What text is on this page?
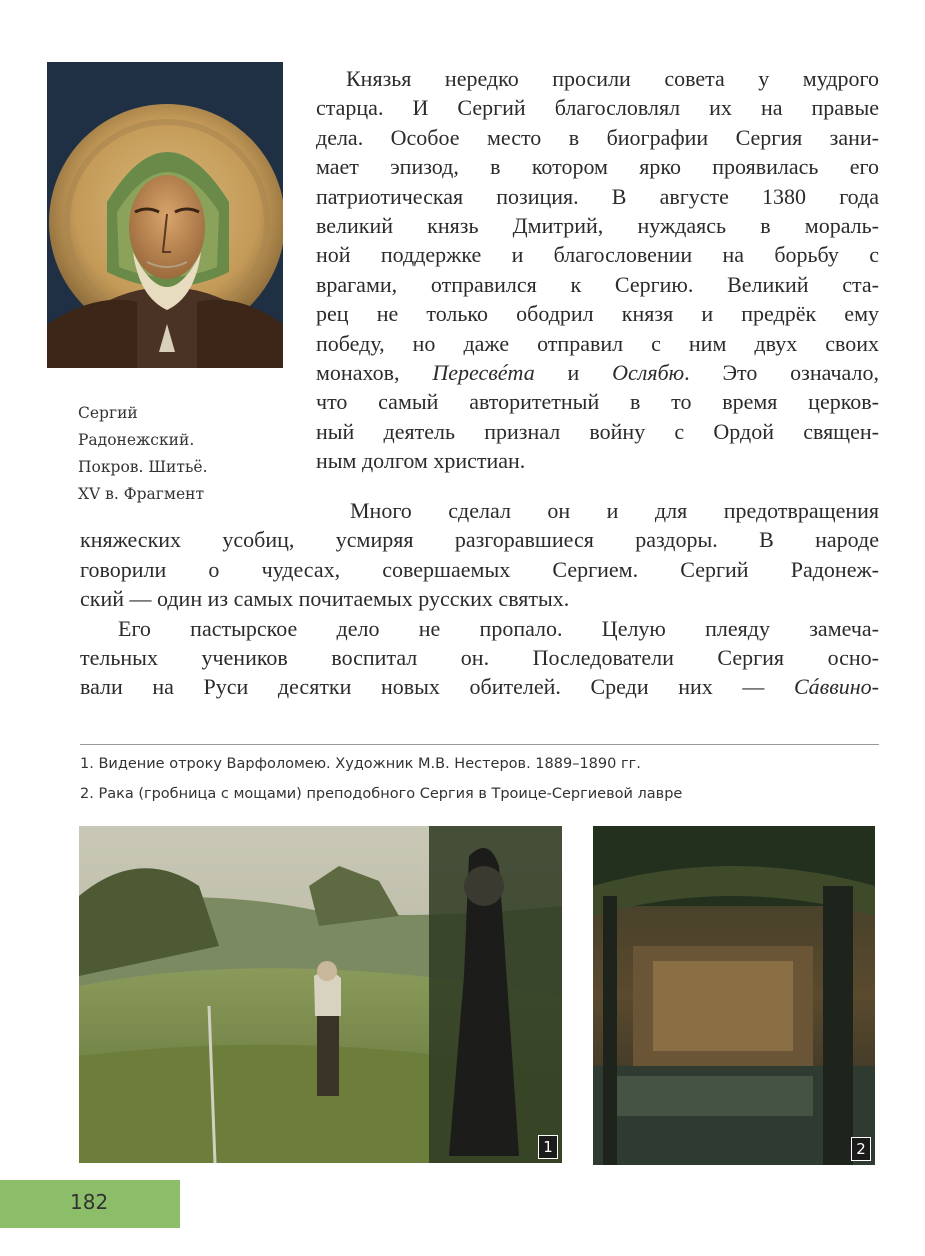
Сергий
Радонежский.
Покров. Шитьё.
XV в. Фрагмент
Князья нередко просили совета у мудрого
старца. И Сергий благословлял их на правые
дела. Особое место в биографии Сергия зани-
мает эпизод, в котором ярко проявилась его
патриотическая позиция. В августе 1380 года
великий князь Дмитрий, нуждаясь в мораль-
ной поддержке и благословении на борьбу с
врагами, отправился к Сергию. Великий ста-
рец не только ободрил князя и предрёк ему
победу, но даже отправил с ним двух своих
монахов, Пересвéта и Ослябю. Это означало,
что самый авторитетный в то время церков-
ный деятель признал войну с Ордой священ-
ным долгом христиан.
Много сделал он и для предотвращения
княжеских усобиц, усмиряя разгоравшиеся раздоры. В народе
говорили о чудесах, совершаемых Сергием. Сергий Радонеж-
ский — один из самых почитаемых русских святых.
Его пастырское дело не пропало. Целую плеяду замеча-
тельных учеников воспитал он. Последователи Сергия осно-
вали на Руси десятки новых обителей. Среди них — Сáввино-
1. Видение отроку Варфоломею. Художник М.В. Нестеров. 1889–1890 гг.
2. Рака (гробница с мощами) преподобного Сергия в Троице-Сергиевой лавре
1	2
182
